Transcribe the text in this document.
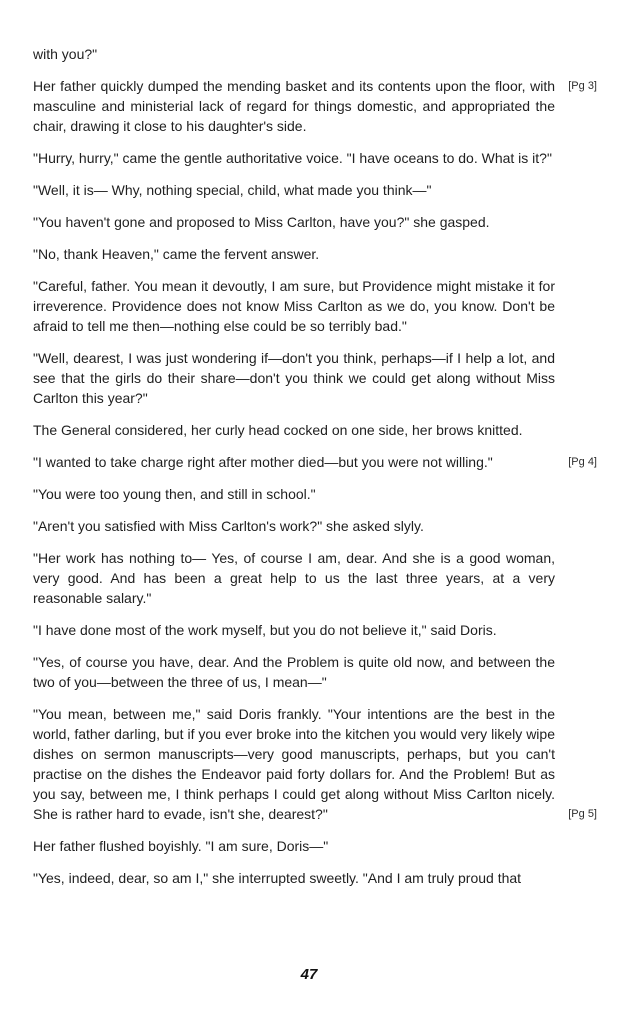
with you?"

Her father quickly dumped the mending basket and its contents upon the floor, with masculine and ministerial lack of regard for things domestic, and appropriated the chair, drawing it close to his daughter's side.
[Pg 3]

"Hurry, hurry," came the gentle authoritative voice. "I have oceans to do. What is it?"

"Well, it is— Why, nothing special, child, what made you think—"

"You haven't gone and proposed to Miss Carlton, have you?" she gasped.

"No, thank Heaven," came the fervent answer.

"Careful, father. You mean it devoutly, I am sure, but Providence might mistake it for irreverence. Providence does not know Miss Carlton as we do, you know. Don't be afraid to tell me then—nothing else could be so terribly bad."

"Well, dearest, I was just wondering if—don't you think, perhaps—if I help a lot, and see that the girls do their share—don't you think we could get along without Miss Carlton this year?"

The General considered, her curly head cocked on one side, her brows knitted.

"I wanted to take charge right after mother died—but you were not willing."	[Pg 4]

"You were too young then, and still in school."

"Aren't you satisfied with Miss Carlton's work?" she asked slyly.

"Her work has nothing to— Yes, of course I am, dear. And she is a good woman, very good. And has been a great help to us the last three years, at a very reasonable salary."

"I have done most of the work myself, but you do not believe it," said Doris.

"Yes, of course you have, dear. And the Problem is quite old now, and between the two of you—between the three of us, I mean—"

"You mean, between me," said Doris frankly. "Your intentions are the best in the world, father darling, but if you ever broke into the kitchen you would very likely wipe dishes on sermon manuscripts—very good manuscripts, perhaps, but you can't practise on the dishes the Endeavor paid forty dollars for. And the Problem! But as you say, between me, I think perhaps I could get along without Miss Carlton nicely. She is rather hard to evade, isn't she, dearest?"	[Pg 5]

Her father flushed boyishly. "I am sure, Doris—"

"Yes, indeed, dear, so am I," she interrupted sweetly. "And I am truly proud that

47
